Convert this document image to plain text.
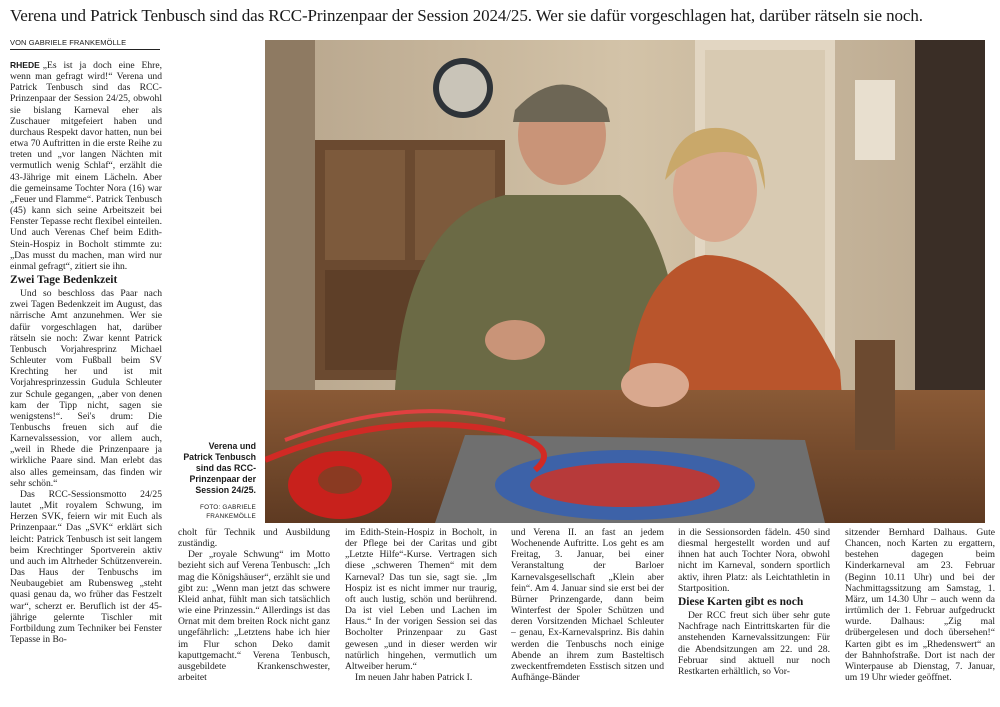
Verena und Patrick Tenbusch sind das RCC-Prinzenpaar der Session 2024/25. Wer sie dafür vorgeschlagen hat, darüber rätseln sie noch.
VON GABRIELE FRANKEMÖLLE

RHEDE „Es ist ja doch eine Ehre, wenn man gefragt wird!“ Verena und Patrick Tenbusch sind das RCC-Prinzenpaar der Session 24/25, obwohl sie bislang Karneval eher als Zuschauer mitgefeiert haben und durchaus Respekt davor hatten, nun bei etwa 70 Auftritten in die erste Reihe zu treten und „vor langen Nächten mit vermutlich wenig Schlaf“, erzählt die 43-Jährige mit einem Lächeln. Aber die gemeinsame Tochter Nora (16) war „Feuer und Flamme“. Patrick Tenbusch (45) kann sich seine Arbeitszeit bei Fenster Tepasse recht flexibel einteilen. Und auch Verenas Chef beim Edith-Stein-Hospiz in Bocholt stimmte zu: „Das musst du machen, man wird nur einmal gefragt“, zitiert sie ihn.

Zwei Tage Bedenkzeit

Und so beschloss das Paar nach zwei Tagen Bedenkzeit im August, das närrische Amt anzunehmen. Wer sie dafür vorgeschlagen hat, darüber rätseln sie noch: Zwar kennt Patrick Tenbusch Vorjahresprinz Michael Schleuter vom Fußball beim SV Krechting her und ist mit Vorjahresprinzessin Gudula Schleuter zur Schule gegangen, „aber von denen kam der Tipp nicht, sagen sie wenigstens!“. Sei's drum: Die Tenbuschs freuen sich auf die Karnevalssession, vor allem auch, „weil in Rhede die Prinzenpaare ja wirkliche Paare sind. Man erlebt das also alles gemeinsam, das finden wir sehr schön.“

Das RCC-Sessionsmotto 24/25 lautet „Mit royalem Schwung, im Herzen SVK, feiern wir mit Euch als Prinzenpaar.“ Das „SVK“ erklärt sich leicht: Patrick Tenbusch ist seit langem beim Krechtinger Sportverein aktiv und auch im Altrheder Schützenverein. Das Haus der Tenbuschs im Neubaugebiet am Rubensweg „steht quasi genau da, wo früher das Festzelt war“, scherzt er. Beruflich ist der 45-jährige gelernte Tischler mit Fortbildung zum Techniker bei Fenster Tepasse in Bo-

Verena und Patrick Tenbusch sind das RCC-Prinzenpaar der Session 24/25.
FOTO: GABRIELE FRANKEMÖLLE

cholt für Technik und Ausbildung zuständig.

Der „royale Schwung“ im Motto bezieht sich auf Verena Tenbusch: „Ich mag die Königshäuser“, erzählt sie und gibt zu: „Wenn man jetzt das schwere Kleid anhat, fühlt man sich tatsächlich wie eine Prinzessin.“ Allerdings ist das Ornat mit dem breiten Rock nicht ganz ungefährlich: „Letztens habe ich hier im Flur schon Deko damit kaputtgemacht.“ Verena Tenbusch, ausgebildete Krankenschwester, arbeitet

im Edith-Stein-Hospiz in Bocholt, in der Pflege bei der Caritas und gibt „Letzte Hilfe“-Kurse. Vertragen sich diese „schweren Themen“ mit dem Karneval? Das tun sie, sagt sie. „Im Hospiz ist es nicht immer nur traurig, oft auch lustig, schön und berührend. Da ist viel Leben und Lachen im Haus.“ In der vorigen Session sei das Bocholter Prinzenpaar zu Gast gewesen „und in dieser werden wir natürlich hingehen, vermutlich um Altweiber herum.“

Im neuen Jahr haben Patrick I.

und Verena II. an fast an jedem Wochenende Auftritte. Los geht es am Freitag, 3. Januar, bei einer Veranstaltung der Barloer Karnevalsgesellschaft „Klein aber fein“. Am 4. Januar sind sie erst bei der Bürner Prinzengarde, dann beim Winterfest der Spoler Schützen und deren Vorsitzenden Michael Schleuter – genau, Ex-Karnevalsprinz. Bis dahin werden die Tenbuschs noch einige Abende an ihrem zum Basteltisch zweckentfremdeten Esstisch sitzen und Aufhänge-Bänder

in die Sessionsorden fädeln. 450 sind diesmal hergestellt worden und auf ihnen hat auch Tochter Nora, obwohl nicht im Karneval, sondern sportlich aktiv, ihren Platz: als Leichtathletin in Startposition.

Diese Karten gibt es noch

Der RCC freut sich über sehr gute Nachfrage nach Eintrittskarten für die anstehenden Karnevalssitzungen: Für die Abendsitzungen am 22. und 28. Februar sind aktuell nur noch Restkarten erhältlich, so Vor-

sitzender Bernhard Dalhaus. Gute Chancen, noch Karten zu ergattern, bestehen dagegen beim Kinderkarneval am 23. Februar (Beginn 10.11 Uhr) und bei der Nachmittagssitzung am Samstag, 1. März, um 14.30 Uhr – auch wenn da irrtümlich der 1. Februar aufgedruckt wurde. Dalhaus: „Zig mal drübergelesen und doch übersehen!“ Karten gibt es im „Rhedenswert“ an der Bahnhofstraße. Dort ist nach der Winterpause ab Dienstag, 7. Januar, um 19 Uhr wieder geöffnet.
